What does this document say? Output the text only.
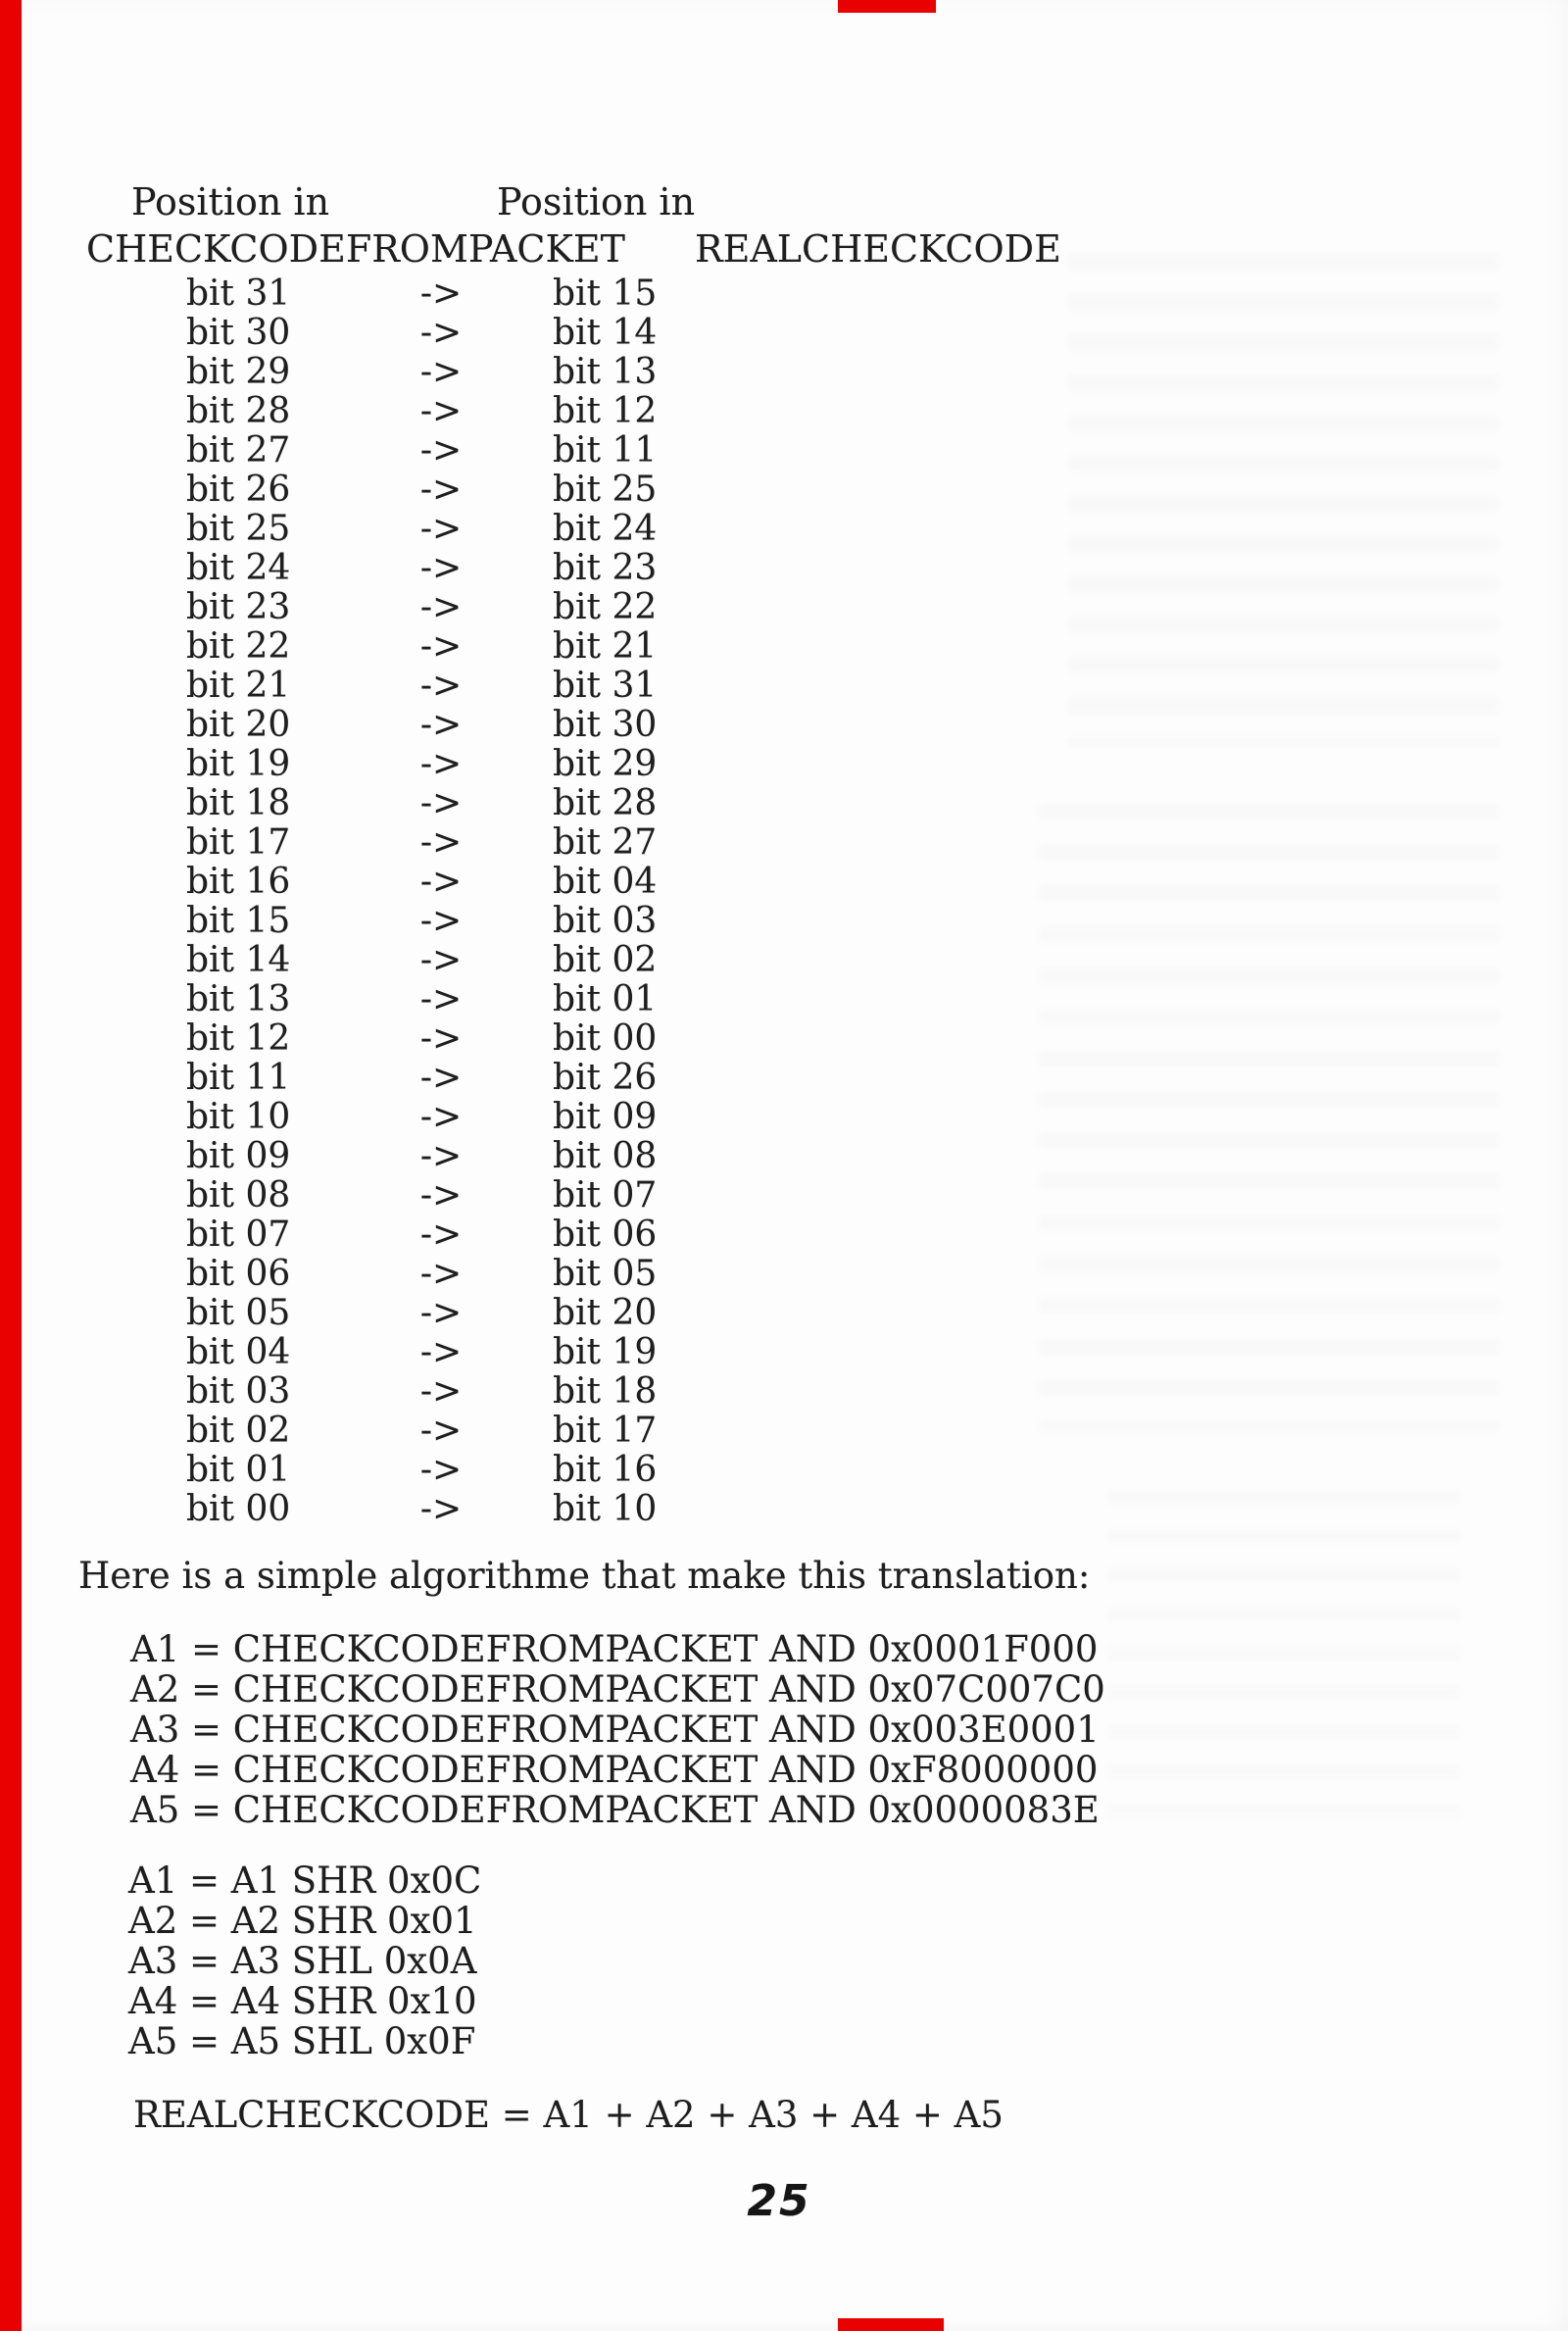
Position in	Position in
CHECKCODEFROMPACKET REALCHECKCODE
bit 31	->	bit 15
bit 30	->	bit 14
bit 29	->	bit 13
bit 28	->	bit 12
bit 27	->	bit 11
bit 26	->	bit 25
bit 25	->	bit 24
bit 24	->	bit 23
bit 23	->	bit 22
bit 22	->	bit 21
bit 21	->	bit 31
bit 20	->	bit 30
bit 19	->	bit 29
bit 18	->	bit 28
bit 17	->	bit 27
bit 16	->	bit 04
bit 15	->	bit 03
bit 14	->	bit 02
bit 13	->	bit 01
bit 12	->	bit 00
bit 11	->	bit 26
bit 10	->	bit 09
bit 09	->	bit 08
bit 08	->	bit 07
bit 07	->	bit 06
bit 06	->	bit 05
bit 05	->	bit 20
bit 04	->	bit 19
bit 03	->	bit 18
bit 02	->	bit 17
bit 01	->	bit 16
bit 00	->	bit 10
Here is a simple algorithme that make this translation:
A1 = CHECKCODEFROMPACKET AND 0x0001F000
A2 = CHECKCODEFROMPACKET AND 0x07C007C0
A3 = CHECKCODEFROMPACKET AND 0x003E0001
A4 = CHECKCODEFROMPACKET AND 0xF8000000
A5 = CHECKCODEFROMPACKET AND 0x0000083E
A1 = A1 SHR 0x0C
A2 = A2 SHR 0x01
A3 = A3 SHL 0x0A
A4 = A4 SHR 0x10
A5 = A5 SHL 0x0F
REALCHECKCODE = A1 + A2 + A3 + A4 + A5
25
